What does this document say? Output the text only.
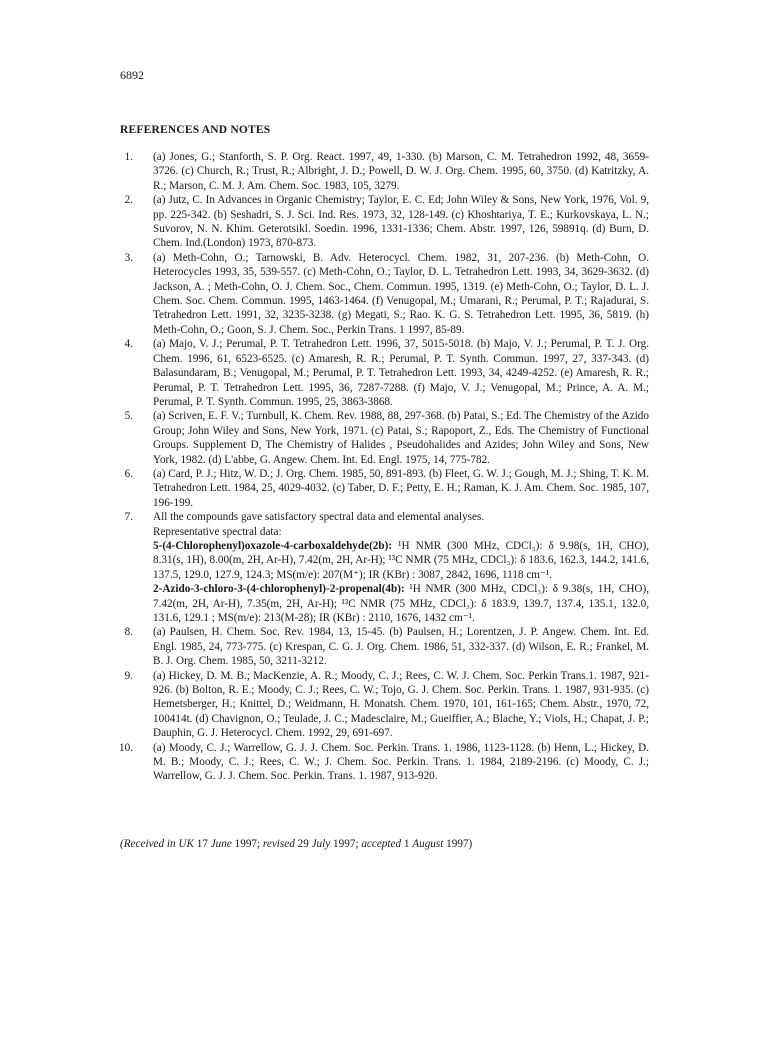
6892
REFERENCES AND NOTES
1. (a) Jones, G.; Stanforth, S. P. Org. React. 1997, 49, 1-330. (b) Marson, C. M. Tetrahedron 1992, 48, 3659-3726. (c) Church, R.; Trust, R.; Albright, J. D.; Powell, D. W. J. Org. Chem. 1995, 60, 3750. (d) Katritzky, A. R.; Marson, C. M. J. Am. Chem. Soc. 1983, 105, 3279.
2. (a) Jutz, C. In Advances in Organic Chemistry; Taylor, E. C. Ed; John Wiley & Sons, New York, 1976, Vol. 9, pp. 225-342. (b) Seshadri, S. J. Sci. Ind. Res. 1973, 32, 128-149. (c) Khoshtariya, T. E.; Kurkovskaya, L. N.; Suvorov, N. N. Khim. Geterotsikl. Soedin. 1996, 1331-1336; Chem. Abstr. 1997, 126, 59891q. (d) Burn, D. Chem. Ind.(London) 1973, 870-873.
3. (a) Meth-Cohn, O.; Tarnowski, B. Adv. Heterocycl. Chem. 1982, 31, 207-236. (b) Meth-Cohn, O. Heterocycles 1993, 35, 539-557. (c) Meth-Cohn, O.; Taylor, D. L. Tetrahedron Lett. 1993, 34, 3629-3632. (d) Jackson, A. ; Meth-Cohn, O. J. Chem. Soc., Chem. Commun. 1995, 1319. (e) Meth-Cohn, O.; Taylor, D. L. J. Chem. Soc. Chem. Commun. 1995, 1463-1464. (f) Venugopal, M.; Umarani, R.; Perumal, P. T.; Rajadurai, S. Tetrahedron Lett. 1991, 32, 3235-3238. (g) Megati, S.; Rao. K. G. S. Tetrahedron Lett. 1995, 36, 5819. (h) Meth-Cohn, O.; Goon, S. J. Chem. Soc., Perkin Trans. 1 1997, 85-89.
4. (a) Majo, V. J.; Perumal, P. T. Tetrahedron Lett. 1996, 37, 5015-5018. (b) Majo, V. J.; Perumal, P. T. J. Org. Chem. 1996, 61, 6523-6525. (c) Amaresh, R. R.; Perumal, P. T. Synth. Commun. 1997, 27, 337-343. (d) Balasundaram, B.; Venugopal, M.; Perumal, P. T. Tetrahedron Lett. 1993, 34, 4249-4252. (e) Amaresh, R. R.; Perumal, P. T. Tetrahedron Lett. 1995, 36, 7287-7288. (f) Majo, V. J.; Venugopal, M.; Prince, A. A. M.; Perumal, P. T. Synth. Commun. 1995, 25, 3863-3868.
5. (a) Scriven, E. F. V.; Turnbull, K. Chem. Rev. 1988, 88, 297-368. (b) Patai, S.; Ed. The Chemistry of the Azido Group; John Wiley and Sons, New York, 1971. (c) Patai, S.; Rapoport, Z., Eds. The Chemistry of Functional Groups. Supplement D, The Chemistry of Halides , Pseudohalides and Azides; John Wiley and Sons, New York, 1982. (d) L'abbe, G. Angew. Chem. Int. Ed. Engl. 1975, 14, 775-782.
6. (a) Card, P. J.; Hitz, W. D.; J. Org. Chem. 1985, 50, 891-893. (b) Fleet, G. W. J.; Gough, M. J.; Shing, T. K. M. Tetrahedron Lett. 1984, 25, 4029-4032. (c) Taber, D. F.; Petty, E. H.; Raman, K. J. Am. Chem. Soc. 1985, 107, 196-199.
7. All the compounds gave satisfactory spectral data and elemental analyses.
Representative spectral data:
5-(4-Chlorophenyl)oxazole-4-carboxaldehyde(2b): ¹H NMR (300 MHz, CDCl₃): δ 9.98(s, 1H, CHO), 8.31(s, 1H), 8.00(m, 2H, Ar-H), 7.42(m, 2H, Ar-H); ¹³C NMR (75 MHz, CDCl₃): δ 183.6, 162.3, 144.2, 141.6, 137.5, 129.0, 127.9, 124.3; MS(m/e): 207(M⁺); IR (KBr) : 3087, 2842, 1696, 1118 cm⁻¹.
2-Azido-3-chloro-3-(4-chlorophenyl)-2-propenal(4b): ¹H NMR (300 MHz, CDCl₃): δ 9.38(s, 1H, CHO), 7.42(m, 2H, Ar-H), 7.35(m, 2H, Ar-H); ¹³C NMR (75 MHz, CDCl₃): δ 183.9, 139.7, 137.4, 135.1, 132.0, 131.6, 129.1 ; MS(m/e): 213(M-28); IR (KBr) : 2110, 1676, 1432 cm⁻¹.
8. (a) Paulsen, H. Chem. Soc. Rev. 1984, 13, 15-45. (b) Paulsen, H.; Lorentzen, J. P. Angew. Chem. Int. Ed. Engl. 1985, 24, 773-775. (c) Krespan, C. G. J. Org. Chem. 1986, 51, 332-337. (d) Wilson, E. R.; Frankel, M. B. J. Org. Chem. 1985, 50, 3211-3212.
9. (a) Hickey, D. M. B.; MacKenzie, A. R.; Moody, C. J.; Rees, C. W. J. Chem. Soc. Perkin Trans.1. 1987, 921-926. (b) Bolton, R. E.; Moody, C. J.; Rees, C. W.; Tojo, G. J. Chem. Soc. Perkin. Trans. 1. 1987, 931-935. (c) Hemetsberger, H.; Knittel, D.; Weidmann, H. Monatsh. Chem. 1970, 101, 161-165; Chem. Abstr., 1970, 72, 100414t. (d) Chavignon, O.; Teulade, J. C.; Madesclaire, M.; Gueiffier, A.; Blache, Y.; Viols, H.; Chapat, J. P.; Dauphin, G. J. Heterocycl. Chem. 1992, 29, 691-697.
10. (a) Moody, C. J.; Warrellow, G. J. J. Chem. Soc. Perkin. Trans. 1. 1986, 1123-1128. (b) Henn, L.; Hickey, D. M. B.; Moody, C. J.; Rees, C. W.; J. Chem. Soc. Perkin. Trans. 1. 1984, 2189-2196. (c) Moody, C. J.; Warrellow, G. J. J. Chem. Soc. Perkin. Trans. 1. 1987, 913-920.
(Received in UK 17 June 1997; revised 29 July 1997; accepted 1 August 1997)
